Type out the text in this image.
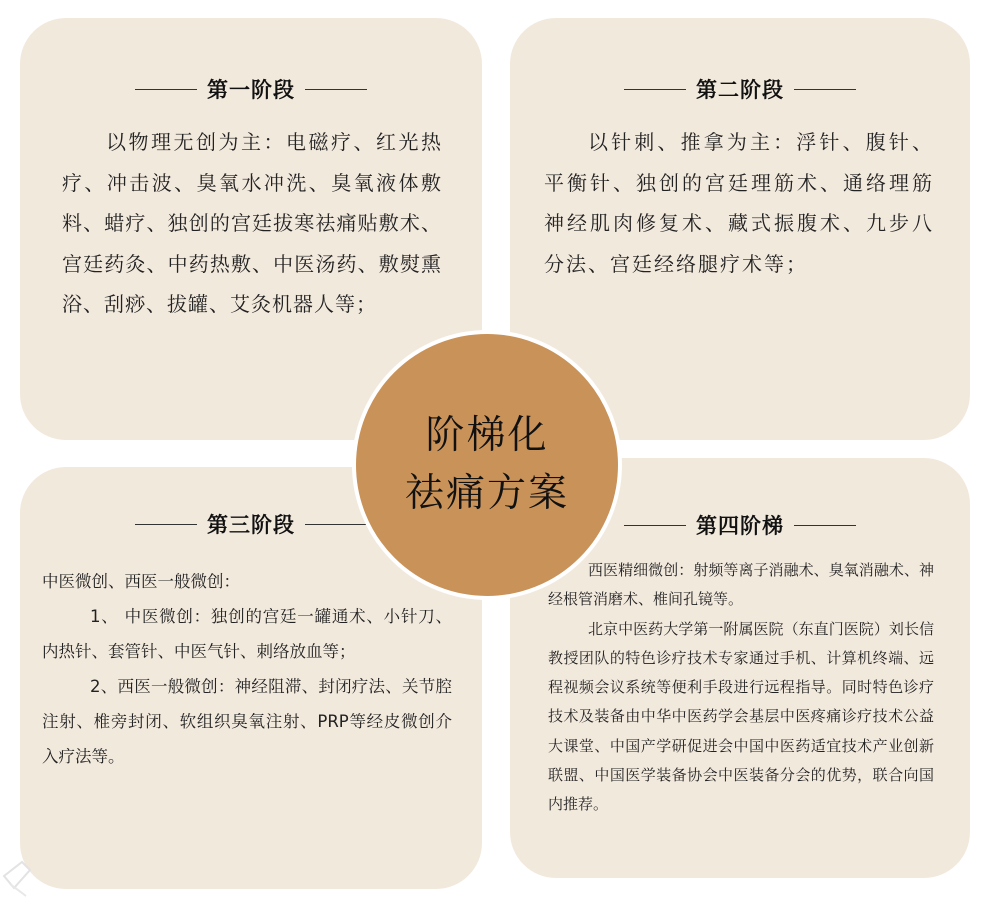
第一阶段

以物理无创为主：电磁疗、红光热疗、冲击波、臭氧水冲洗、臭氧液体敷料、蜡疗、独创的宫廷拔寒祛痛贴敷术、宫廷药灸、中药热敷、中医汤药、敷熨熏浴、刮痧、拔罐、艾灸机器人等；

第二阶段

以针刺、推拿为主：浮针、腹针、平衡针、独创的宫廷理筋术、通络理筋神经肌肉修复术、藏式振腹术、九步八分法、宫廷经络腿疗术等；

第三阶段

中医微创、西医一般微创：

1、 中医微创：独创的宫廷一罐通术、小针刀、内热针、套管针、中医气针、刺络放血等；

2、西医一般微创：神经阻滞、封闭疗法、关节腔注射、椎旁封闭、软组织臭氧注射、PRP等经皮微创介入疗法等。

第四阶梯

西医精细微创：射频等离子消融术、臭氧消融术、神经根管消磨术、椎间孔镜等。

北京中医药大学第一附属医院（东直门医院）刘长信教授团队的特色诊疗技术专家通过手机、计算机终端、远程视频会议系统等便利手段进行远程指导。同时特色诊疗技术及装备由中华中医药学会基层中医疼痛诊疗技术公益大课堂、中国产学研促进会中国中医药适宜技术产业创新联盟、中国医学装备协会中医装备分会的优势，联合向国内推荐。

阶梯化
祛痛方案
